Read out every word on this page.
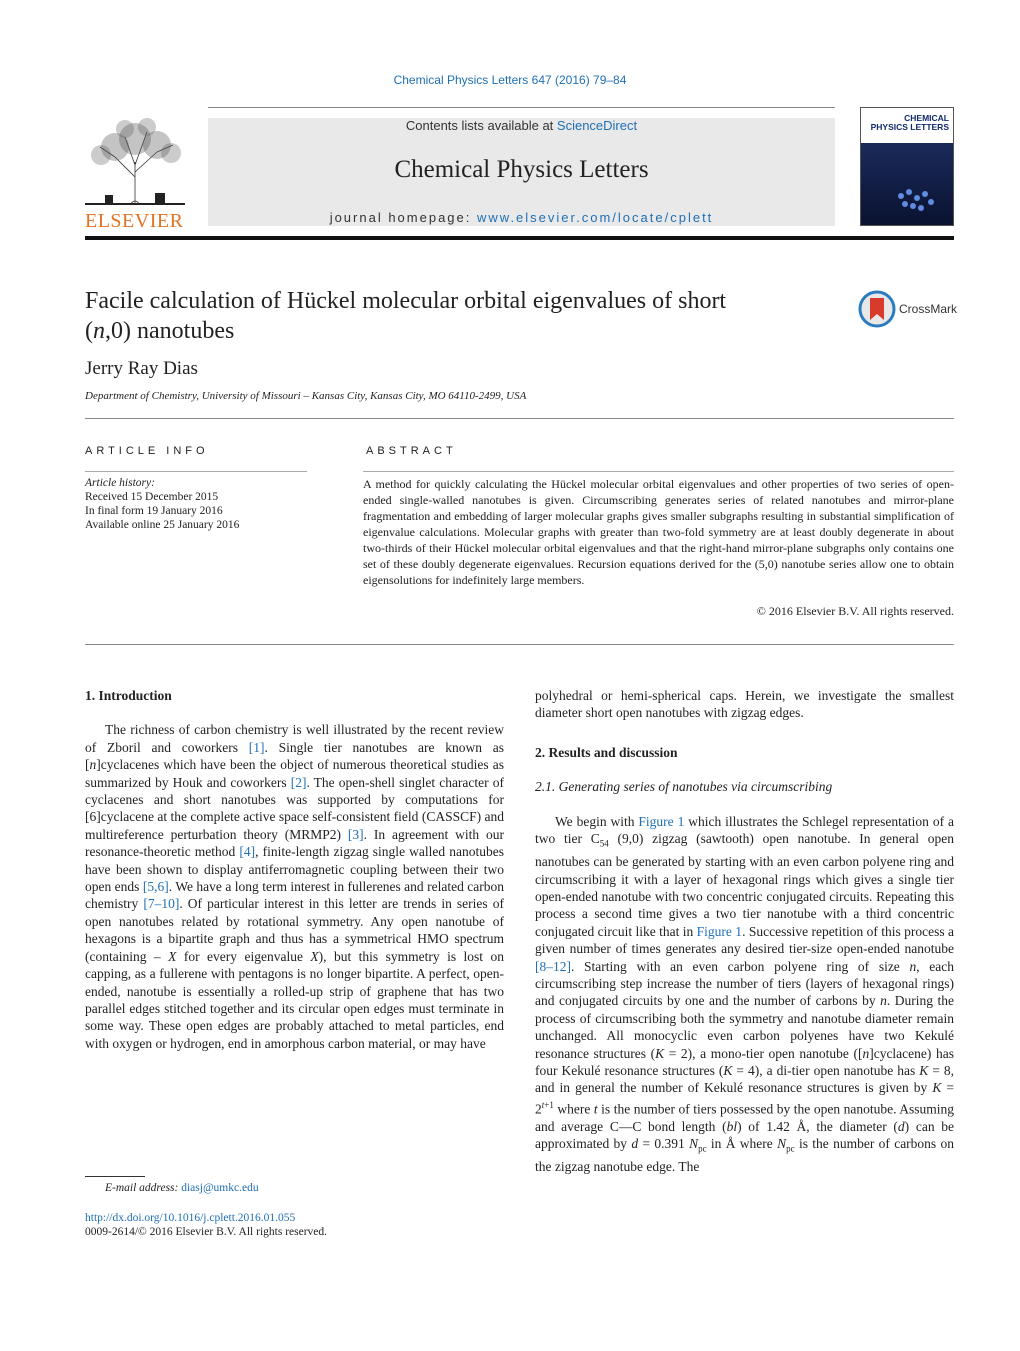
Chemical Physics Letters 647 (2016) 79–84
ELSEVIER
Contents lists available at ScienceDirect
Chemical Physics Letters
journal homepage: www.elsevier.com/locate/cplett
CHEMICAL PHYSICS LETTERS
Facile calculation of Hückel molecular orbital eigenvalues of short
(n,0) nanotubes
CrossMark
Jerry Ray Dias
Department of Chemistry, University of Missouri – Kansas City, Kansas City, MO 64110-2499, USA
ARTICLE INFO
Article history:
Received 15 December 2015
In final form 19 January 2016
Available online 25 January 2016
ABSTRACT
A method for quickly calculating the Hückel molecular orbital eigenvalues and other properties of two series of open-ended single-walled nanotubes is given. Circumscribing generates series of related nanotubes and mirror-plane fragmentation and embedding of larger molecular graphs gives smaller subgraphs resulting in substantial simplification of eigenvalue calculations. Molecular graphs with greater than two-fold symmetry are at least doubly degenerate in about two-thirds of their Hückel molecular orbital eigenvalues and that the right-hand mirror-plane subgraphs only contains one set of these doubly degenerate eigenvalues. Recursion equations derived for the (5,0) nanotube series allow one to obtain eigensolutions for indefinitely large members.
© 2016 Elsevier B.V. All rights reserved.
1. Introduction

The richness of carbon chemistry is well illustrated by the recent review of Zboril and coworkers [1]. Single tier nanotubes are known as [n]cyclacenes which have been the object of numerous theoretical studies as summarized by Houk and coworkers [2]. The open-shell singlet character of cyclacenes and short nanotubes was supported by computations for [6]cyclacene at the complete active space self-consistent field (CASSCF) and multireference perturbation theory (MRMP2) [3]. In agreement with our resonance-theoretic method [4], finite-length zigzag single walled nanotubes have been shown to display antiferromagnetic coupling between their two open ends [5,6]. We have a long term interest in fullerenes and related carbon chemistry [7–10]. Of particular interest in this letter are trends in series of open nanotubes related by rotational symmetry. Any open nanotube of hexagons is a bipartite graph and thus has a symmetrical HMO spectrum (containing – X for every eigenvalue X), but this symmetry is lost on capping, as a fullerene with pentagons is no longer bipartite. A perfect, open-ended, nanotube is essentially a rolled-up strip of graphene that has two parallel edges stitched together and its circular open edges must terminate in some way. These open edges are probably attached to metal particles, end with oxygen or hydrogen, end in amorphous carbon material, or may have

polyhedral or hemi-spherical caps. Herein, we investigate the smallest diameter short open nanotubes with zigzag edges.

2. Results and discussion
2.1. Generating series of nanotubes via circumscribing

We begin with Figure 1 which illustrates the Schlegel representation of a two tier $C_{54}$ (9,0) zigzag (sawtooth) open nanotube. In general open nanotubes can be generated by starting with an even carbon polyene ring and circumscribing it with a layer of hexagonal rings which gives a single tier open-ended nanotube with two concentric conjugated circuits. Repeating this process a second time gives a two tier nanotube with a third concentric conjugated circuit like that in Figure 1. Successive repetition of this process a given number of times generates any desired tier-size open-ended nanotube [8–12]. Starting with an even carbon polyene ring of size n, each circumscribing step increase the number of tiers (layers of hexagonal rings) and conjugated circuits by one and the number of carbons by n. During the process of circumscribing both the symmetry and nanotube diameter remain unchanged. All monocyclic even carbon polyenes have two Kekulé resonance structures (K = 2), a mono-tier open nanotube ([n]cyclacene) has four Kekulé resonance structures (K = 4), a di-tier open nanotube has K = 8, and in general the number of Kekulé resonance structures is given by $K = 2^{t+1}$ where t is the number of tiers possessed by the open nanotube. Assuming and average C—C bond length (bl) of 1.42 Å, the diameter (d) can be approximated by d = 0.391 $N_{pc}$ in Å where $N_{pc}$ is the number of carbons on the zigzag nanotube edge. The

E-mail address: diasj@umkc.edu
http://dx.doi.org/10.1016/j.cplett.2016.01.055
0009-2614/© 2016 Elsevier B.V. All rights reserved.
